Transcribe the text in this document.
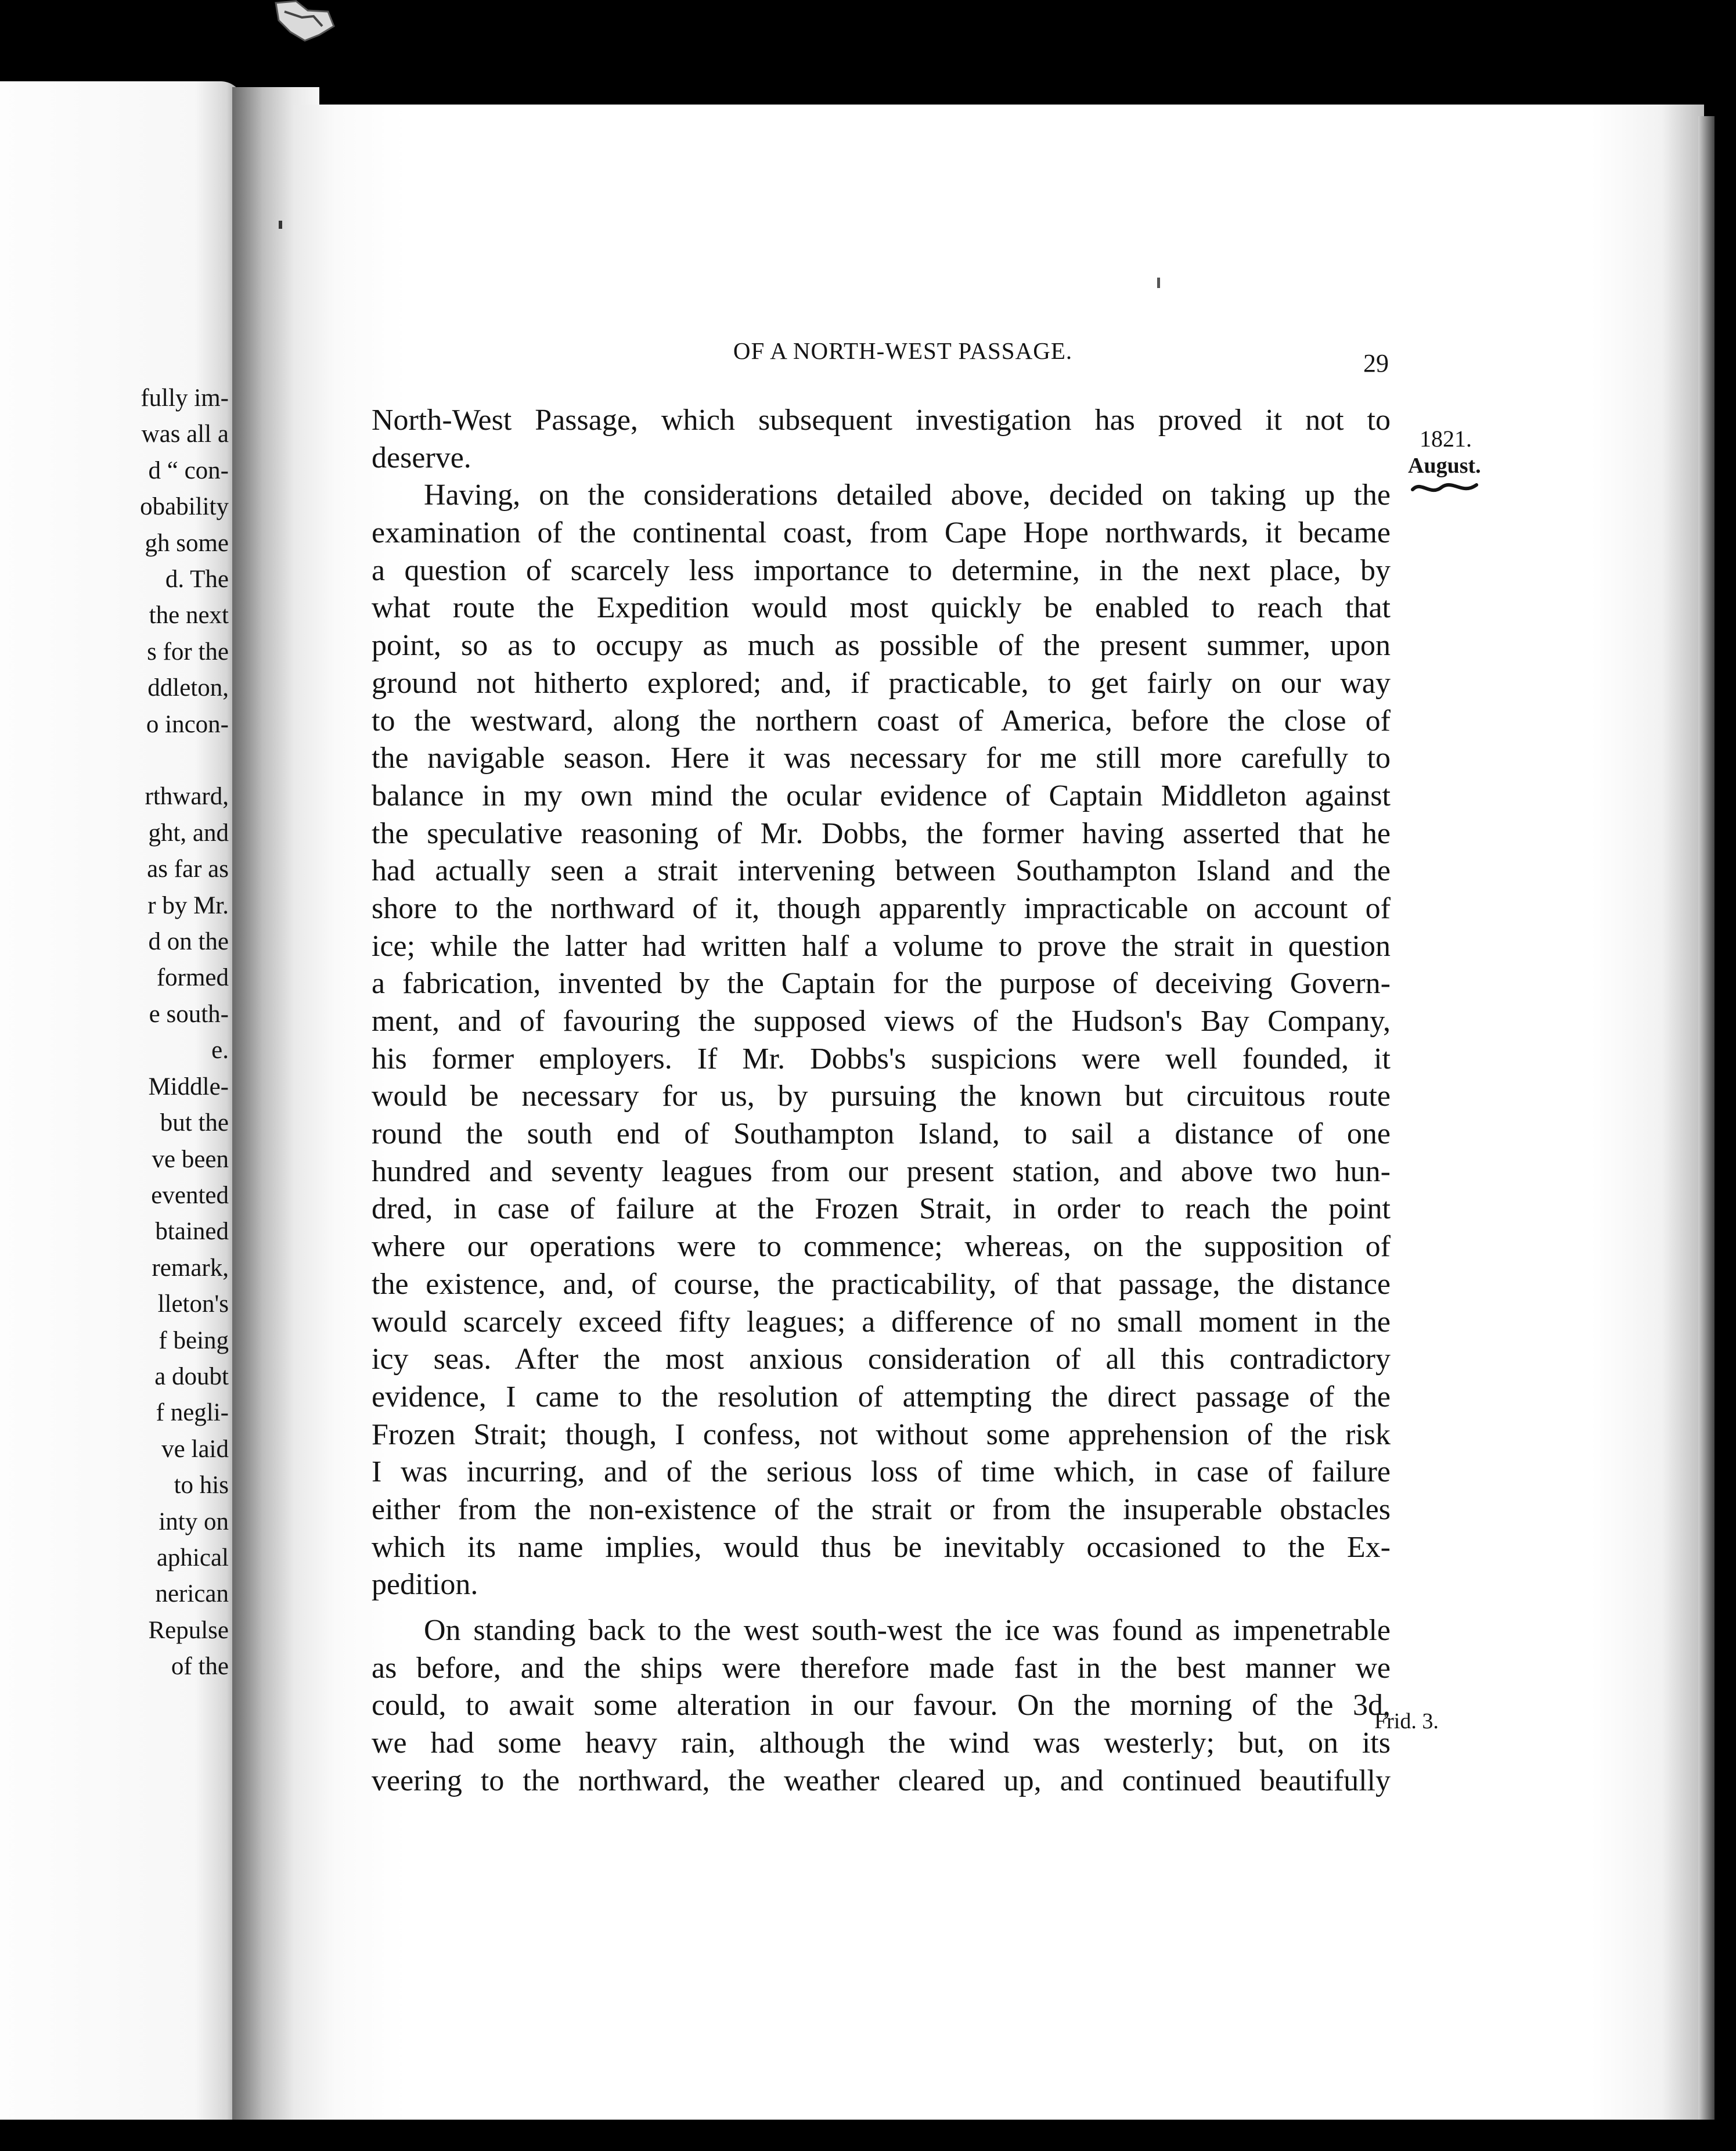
fully im-
was all a
d “ con-
obability
gh some
d. The
the next
s for the
ddleton,
o incon-
rthward,
ght, and
as far as
r by Mr.
d on the
formed
e south-
e.
Middle-
but the
ve been
evented
btained
remark,
lleton's
f being
a doubt
f negli-
ve laid
to his
inty on
aphical
nerican
Repulse
of the
OF A NORTH-WEST PASSAGE.	29
1821.
August.
Frid. 3.
North-West Passage, which subsequent investigation has proved it not to
deserve.
Having, on the considerations detailed above, decided on taking up the
examination of the continental coast, from Cape Hope northwards, it became
a question of scarcely less importance to determine, in the next place, by
what route the Expedition would most quickly be enabled to reach that
point, so as to occupy as much as possible of the present summer, upon
ground not hitherto explored; and, if practicable, to get fairly on our way
to the westward, along the northern coast of America, before the close of
the navigable season. Here it was necessary for me still more carefully to
balance in my own mind the ocular evidence of Captain Middleton against
the speculative reasoning of Mr. Dobbs, the former having asserted that he
had actually seen a strait intervening between Southampton Island and the
shore to the northward of it, though apparently impracticable on account of
ice; while the latter had written half a volume to prove the strait in question
a fabrication, invented by the Captain for the purpose of deceiving Govern-
ment, and of favouring the supposed views of the Hudson's Bay Company,
his former employers. If Mr. Dobbs's suspicions were well founded, it
would be necessary for us, by pursuing the known but circuitous route
round the south end of Southampton Island, to sail a distance of one
hundred and seventy leagues from our present station, and above two hun-
dred, in case of failure at the Frozen Strait, in order to reach the point
where our operations were to commence; whereas, on the supposition of
the existence, and, of course, the practicability, of that passage, the distance
would scarcely exceed fifty leagues; a difference of no small moment in the
icy seas. After the most anxious consideration of all this contradictory
evidence, I came to the resolution of attempting the direct passage of the
Frozen Strait; though, I confess, not without some apprehension of the risk
I was incurring, and of the serious loss of time which, in case of failure
either from the non-existence of the strait or from the insuperable obstacles
which its name implies, would thus be inevitably occasioned to the Ex-
pedition.
On standing back to the west south-west the ice was found as impenetrable
as before, and the ships were therefore made fast in the best manner we
could, to await some alteration in our favour. On the morning of the 3d,
we had some heavy rain, although the wind was westerly; but, on its
veering to the northward, the weather cleared up, and continued beautifully
